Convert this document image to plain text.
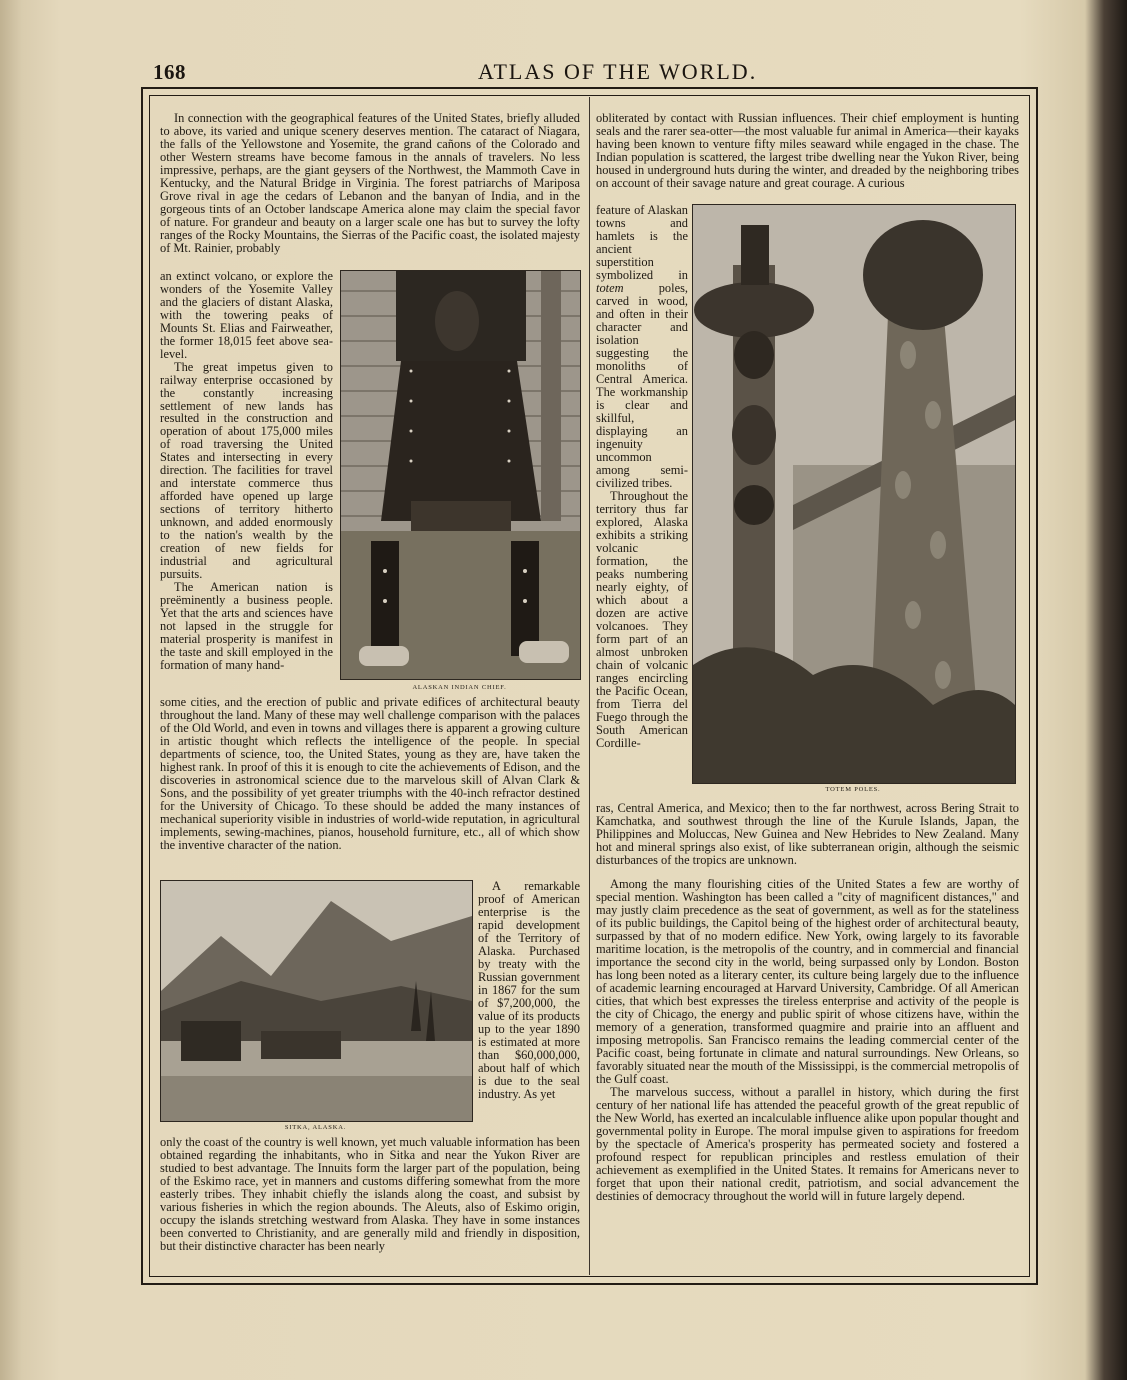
168	ATLAS OF THE WORLD.

In connection with the geographical features of the United States, briefly alluded to above, its varied and unique scenery deserves mention. The cataract of Niagara, the falls of the Yellowstone and Yosemite, the grand cañons of the Colorado and other Western streams have become famous in the annals of travelers. No less impressive, perhaps, are the giant geysers of the Northwest, the Mammoth Cave in Kentucky, and the Natural Bridge in Virginia. The forest patriarchs of Mariposa Grove rival in age the cedars of Lebanon and the banyan of India, and in the gorgeous tints of an October landscape America alone may claim the special favor of nature. For grandeur and beauty on a larger scale one has but to survey the lofty ranges of the Rocky Mountains, the Sierras of the Pacific coast, the isolated majesty of Mt. Rainier, probably

an extinct volcano, or explore the wonders of the Yosemite Valley and the glaciers of distant Alaska, with the towering peaks of Mounts St. Elias and Fairweather, the former 18,015 feet above sea-level.

The great impetus given to railway enterprise occasioned by the constantly increasing settlement of new lands has resulted in the construction and operation of about 175,000 miles of road traversing the United States and intersecting in every direction. The facilities for travel and interstate commerce thus afforded have opened up large sections of territory hitherto unknown, and added enormously to the nation's wealth by the creation of new fields for industrial and agricultural pursuits.

The American nation is preëminently a business people. Yet that the arts and sciences have not lapsed in the struggle for material prosperity is manifest in the taste and skill employed in the formation of many hand-

ALASKAN INDIAN CHIEF.

some cities, and the erection of public and private edifices of architectural beauty throughout the land. Many of these may well challenge comparison with the palaces of the Old World, and even in towns and villages there is apparent a growing culture in artistic thought which reflects the intelligence of the people. In special departments of science, too, the United States, young as they are, have taken the highest rank. In proof of this it is enough to cite the achievements of Edison, and the discoveries in astronomical science due to the marvelous skill of Alvan Clark & Sons, and the possibility of yet greater triumphs with the 40-inch refractor destined for the University of Chicago. To these should be added the many instances of mechanical superiority visible in industries of world-wide reputation, in agricultural implements, sewing-machines, pianos, household furniture, etc., all of which show the inventive character of the nation.

SITKA, ALASKA.

A remarkable proof of American enterprise is the rapid development of the Territory of Alaska. Purchased by treaty with the Russian government in 1867 for the sum of $7,200,000, the value of its products up to the year 1890 is estimated at more than $60,000,000, about half of which is due to the seal industry. As yet

only the coast of the country is well known, yet much valuable information has been obtained regarding the inhabitants, who in Sitka and near the Yukon River are studied to best advantage. The Innuits form the larger part of the population, being of the Eskimo race, yet in manners and customs differing somewhat from the more easterly tribes. They inhabit chiefly the islands along the coast, and subsist by various fisheries in which the region abounds. The Aleuts, also of Eskimo origin, occupy the islands stretching westward from Alaska. They have in some instances been converted to Christianity, and are generally mild and friendly in disposition, but their distinctive character has been nearly

obliterated by contact with Russian influences. Their chief employment is hunting seals and the rarer sea-otter—the most valuable fur animal in America—their kayaks having been known to venture fifty miles seaward while engaged in the chase. The Indian population is scattered, the largest tribe dwelling near the Yukon River, being housed in underground huts during the winter, and dreaded by the neighboring tribes on account of their savage nature and great courage. A curious

feature of Alaskan towns and hamlets is the ancient superstition symbolized in totem poles, carved in wood, and often in their character and isolation suggesting the monoliths of Central America. The workmanship is clear and skillful, displaying an ingenuity uncommon among semi-civilized tribes.

Throughout the territory thus far explored, Alaska exhibits a striking volcanic formation, the peaks numbering nearly eighty, of which about a dozen are active volcanoes. They form part of an almost unbroken chain of volcanic ranges encircling the Pacific Ocean, from Tierra del Fuego through the South American Cordille-

TOTEM POLES.

ras, Central America, and Mexico; then to the far northwest, across Bering Strait to Kamchatka, and southwest through the line of the Kurule Islands, Japan, the Philippines and Moluccas, New Guinea and New Hebrides to New Zealand. Many hot and mineral springs also exist, of like subterranean origin, although the seismic disturbances of the tropics are unknown.

Among the many flourishing cities of the United States a few are worthy of special mention. Washington has been called a "city of magnificent distances," and may justly claim precedence as the seat of government, as well as for the stateliness of its public buildings, the Capitol being of the highest order of architectural beauty, surpassed by that of no modern edifice. New York, owing largely to its favorable maritime location, is the metropolis of the country, and in commercial and financial importance the second city in the world, being surpassed only by London. Boston has long been noted as a literary center, its culture being largely due to the influence of academic learning encouraged at Harvard University, Cambridge. Of all American cities, that which best expresses the tireless enterprise and activity of the people is the city of Chicago, the energy and public spirit of whose citizens have, within the memory of a generation, transformed quagmire and prairie into an affluent and imposing metropolis. San Francisco remains the leading commercial center of the Pacific coast, being fortunate in climate and natural surroundings. New Orleans, so favorably situated near the mouth of the Mississippi, is the commercial metropolis of the Gulf coast.

The marvelous success, without a parallel in history, which during the first century of her national life has attended the peaceful growth of the great republic of the New World, has exerted an incalculable influence alike upon popular thought and governmental polity in Europe. The moral impulse given to aspirations for freedom by the spectacle of America's prosperity has permeated society and fostered a profound respect for republican principles and restless emulation of their achievement as exemplified in the United States. It remains for Americans never to forget that upon their national credit, patriotism, and social advancement the destinies of democracy throughout the world will in future largely depend.
